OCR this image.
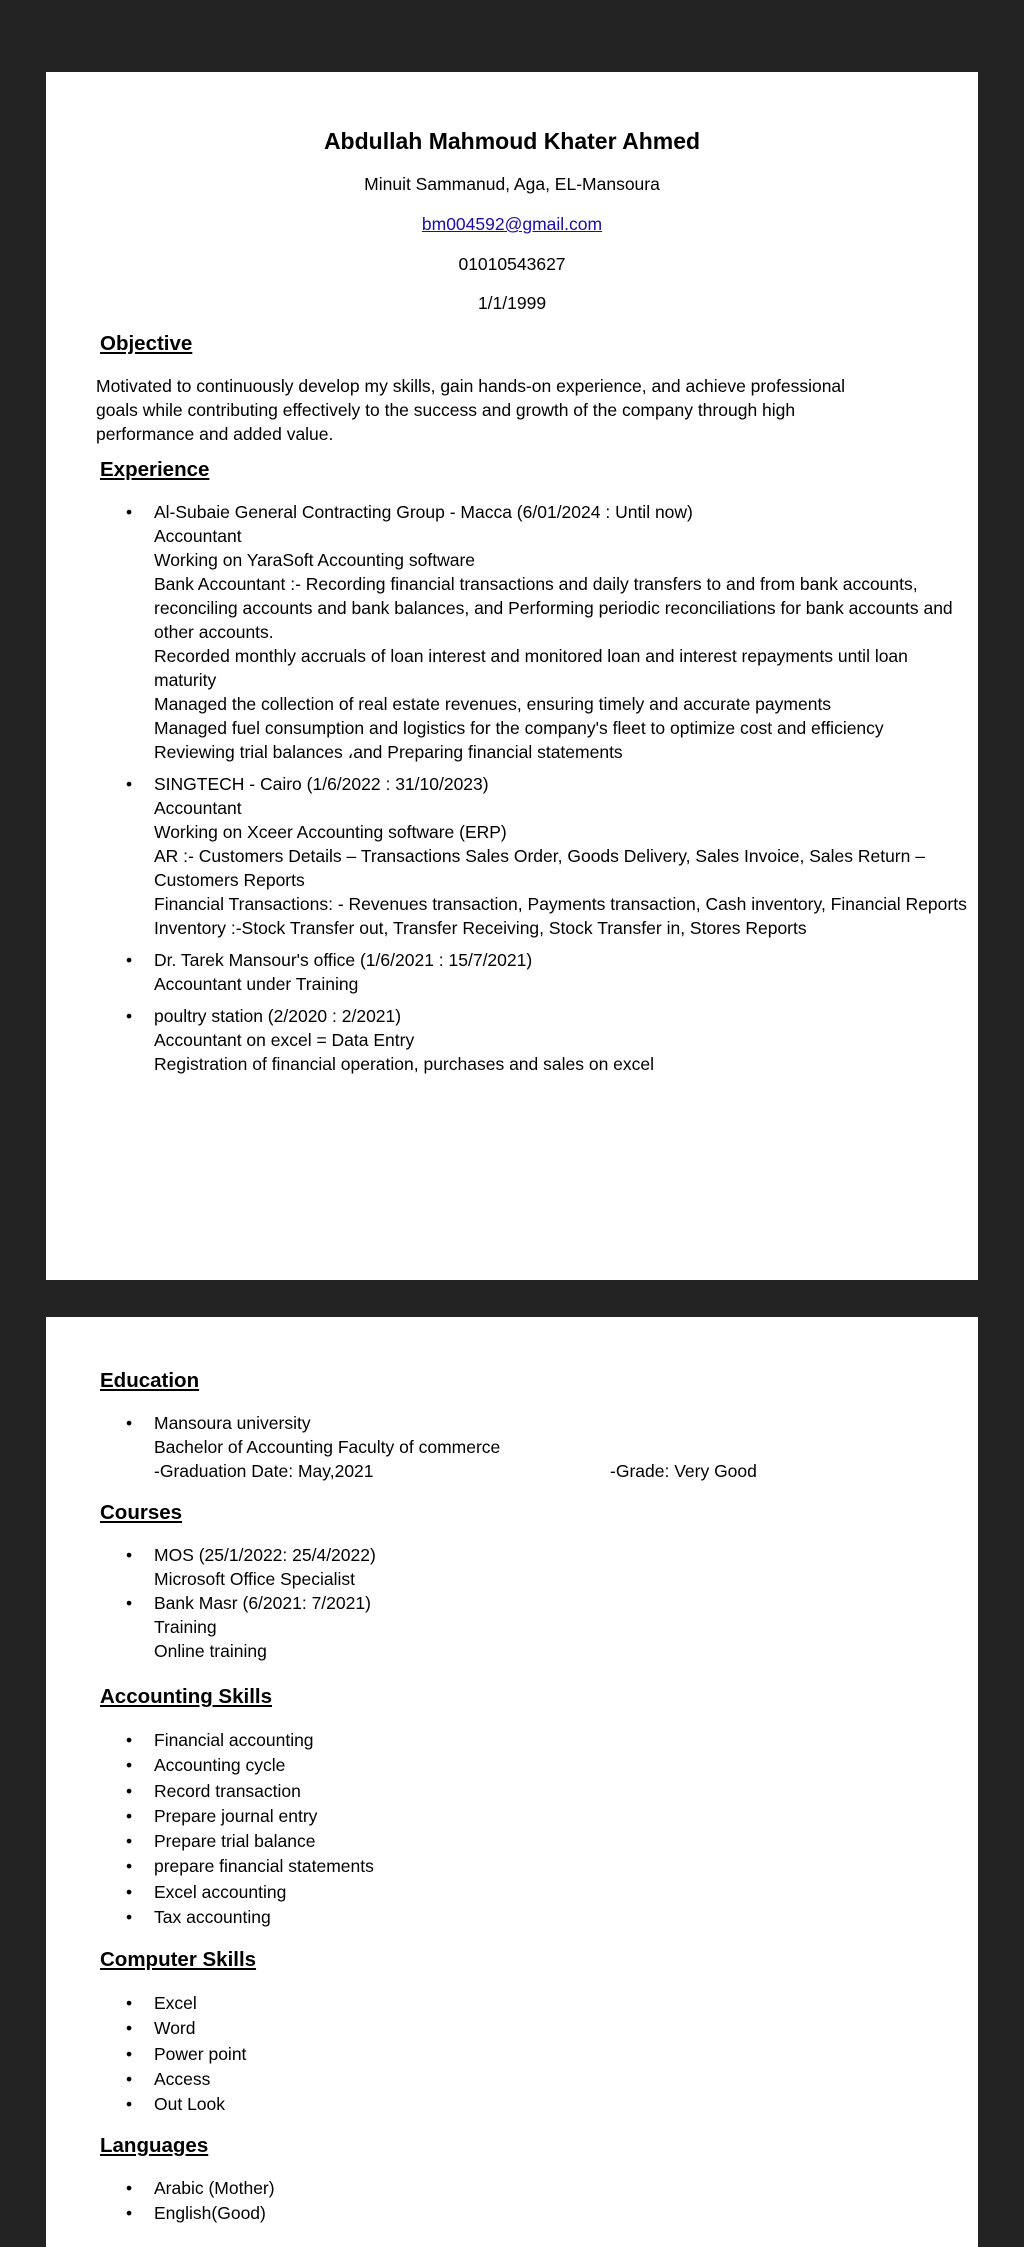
Abdullah Mahmoud Khater Ahmed
Minuit Sammanud, Aga, EL-Mansoura
bm004592@gmail.com
01010543627
1/1/1999
Objective
Motivated to continuously develop my skills, gain hands-on experience, and achieve professional goals while contributing effectively to the success and growth of the company through high performance and added value.
Experience
• Al-Subaie General Contracting Group - Macca (6/01/2024 : Until now)
Accountant
Working on YaraSoft Accounting software
Bank Accountant :- Recording financial transactions and daily transfers to and from bank accounts, reconciling accounts and bank balances, and Performing periodic reconciliations for bank accounts and other accounts.
Recorded monthly accruals of loan interest and monitored loan and interest repayments until loan maturity
Managed the collection of real estate revenues, ensuring timely and accurate payments
Managed fuel consumption and logistics for the company's fleet to optimize cost and efficiency
Reviewing trial balances ،and Preparing financial statements
• SINGTECH - Cairo (1/6/2022 : 31/10/2023)
Accountant
Working on Xceer Accounting software (ERP)
AR :- Customers Details – Transactions Sales Order, Goods Delivery, Sales Invoice, Sales Return – Customers Reports
Financial Transactions: - Revenues transaction, Payments transaction, Cash inventory, Financial Reports
Inventory :-Stock Transfer out, Transfer Receiving, Stock Transfer in, Stores Reports
• Dr. Tarek Mansour's office (1/6/2021 : 15/7/2021)
Accountant under Training
• poultry station (2/2020 : 2/2021)
Accountant on excel = Data Entry
Registration of financial operation, purchases and sales on excel
Education
• Mansoura university
Bachelor of Accounting Faculty of commerce
-Graduation Date: May,2021	-Grade: Very Good
Courses
• MOS (25/1/2022: 25/4/2022)
Microsoft Office Specialist
• Bank Masr (6/2021: 7/2021)
Training
Online training
Accounting Skills
• Financial accounting
• Accounting cycle
• Record transaction
• Prepare journal entry
• Prepare trial balance
• prepare financial statements
• Excel accounting
• Tax accounting
Computer Skills
• Excel
• Word
• Power point
• Access
• Out Look
Languages
• Arabic (Mother)
• English(Good)
